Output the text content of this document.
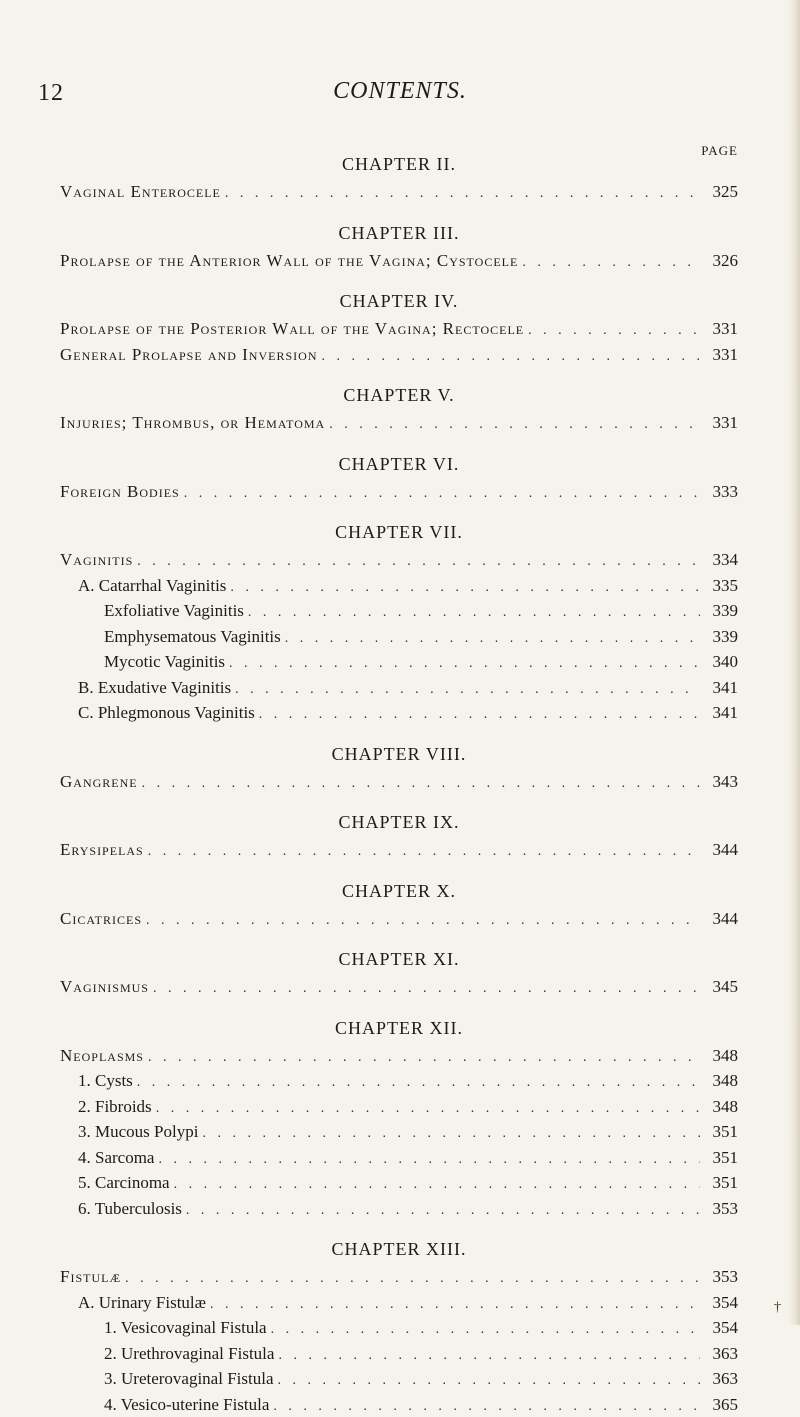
12	CONTENTS.
PAGE
CHAPTER II.
Vaginal Enterocele . . .	325
CHAPTER III.
Prolapse of the Anterior Wall of the Vagina; Cystocele . . .	326
CHAPTER IV.
Prolapse of the Posterior Wall of the Vagina; Rectocele . . .	331
General Prolapse and Inversion . . .	331
CHAPTER V.
Injuries; Thrombus, or Hematoma . . .	331
CHAPTER VI.
Foreign Bodies . . .	333
CHAPTER VII.
Vaginitis . . .	334
A. Catarrhal Vaginitis . . .	335
Exfoliative Vaginitis . . .	339
Emphysematous Vaginitis . . .	339
Mycotic Vaginitis . . .	340
B. Exudative Vaginitis . . .	341
C. Phlegmonous Vaginitis . . .	341
CHAPTER VIII.
Gangrene . . .	343
CHAPTER IX.
Erysipelas . . .	344
CHAPTER X.
Cicatrices . . .	344
CHAPTER XI.
Vaginismus . . .	345
CHAPTER XII.
Neoplasms . . .	348
1. Cysts . . .	348
2. Fibroids . . .	348
3. Mucous Polypi . . .	351
4. Sarcoma . . .	351
5. Carcinoma . . .	351
6. Tuberculosis . . .	353
CHAPTER XIII.
Fistulæ . . .	353
A. Urinary Fistulæ . . .	354
1. Vesicovaginal Fistula . . .	354
2. Urethrovaginal Fistula . . .	363
3. Ureterovaginal Fistula . . .	363
4. Vesico-uterine Fistula . . .	365
†
